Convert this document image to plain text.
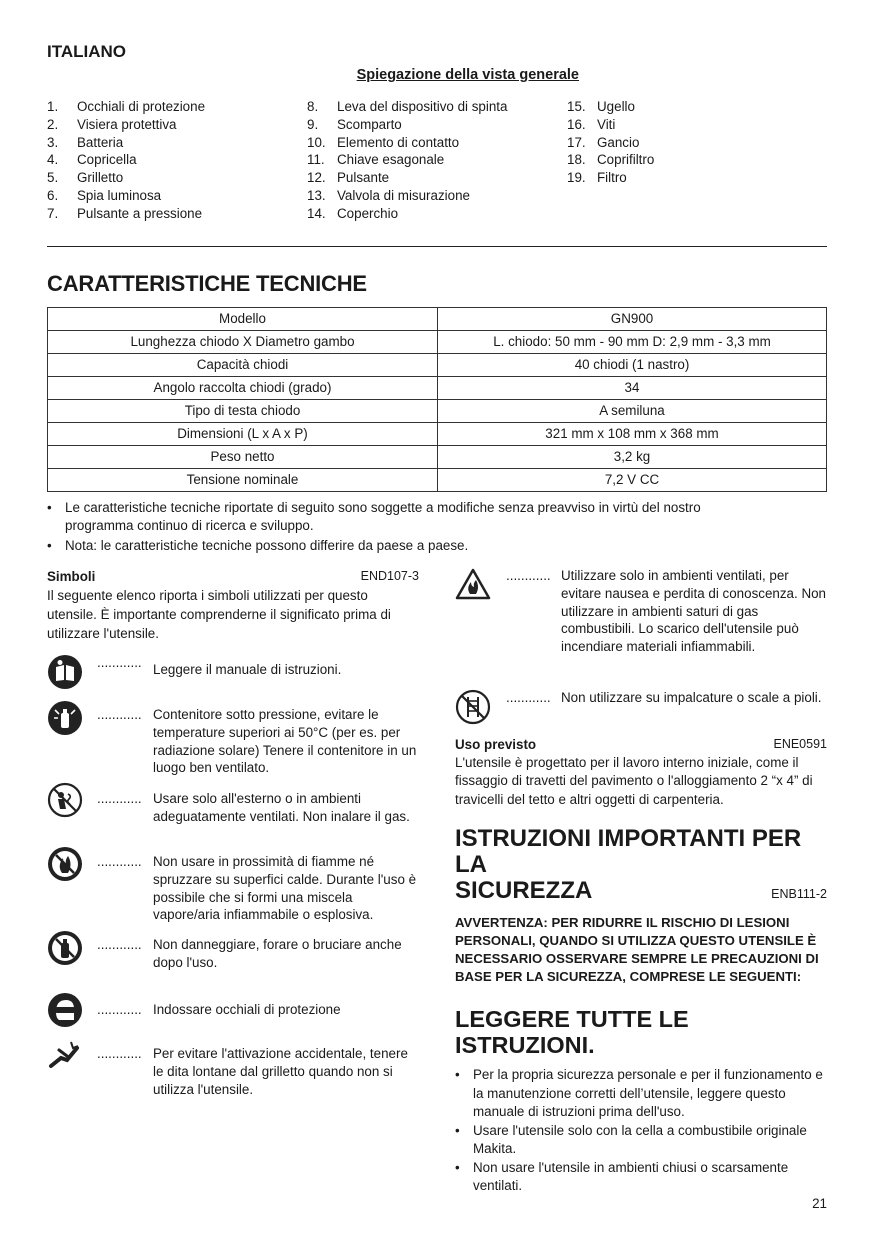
ITALIANO
Spiegazione della vista generale
1.	Occhiali di protezione
2.	Visiera protettiva
3.	Batteria
4.	Copricella
5.	Grilletto
6.	Spia luminosa
7.	Pulsante a pressione
8.	Leva del dispositivo di spinta
9.	Scomparto
10. Elemento di contatto
11. Chiave esagonale
12. Pulsante
13. Valvola di misurazione
14. Coperchio
15. Ugello
16. Viti
17. Gancio
18. Coprifiltro
19. Filtro
CARATTERISTICHE TECNICHE
Modello	GN900
Lunghezza chiodo X Diametro gambo	L. chiodo: 50 mm - 90 mm D: 2,9 mm - 3,3 mm
Capacità chiodi	40 chiodi (1 nastro)
Angolo raccolta chiodi (grado)	34
Tipo di testa chiodo	A semiluna
Dimensioni (L x A x P)	321 mm x 108 mm x 368 mm
Peso netto	3,2 kg
Tensione nominale	7,2 V CC
• Le caratteristiche tecniche riportate di seguito sono soggette a modifiche senza preavviso in virtù del nostro programma continuo di ricerca e sviluppo.
• Nota: le caratteristiche tecniche possono differire da paese a paese.
Simboli	END107-3
Il seguente elenco riporta i simboli utilizzati per questo utensile. È importante comprenderne il significato prima di utilizzare l'utensile.
............ Leggere il manuale di istruzioni.
............ Contenitore sotto pressione, evitare le temperature superiori ai 50°C (per es. per radiazione solare) Tenere il contenitore in un luogo ben ventilato.
............ Usare solo all'esterno o in ambienti adeguatamente ventilati. Non inalare il gas.
............ Non usare in prossimità di fiamme né spruzzare su superfici calde. Durante l'uso è possibile che si formi una miscela vapore/aria infiammabile o esplosiva.
............ Non danneggiare, forare o bruciare anche dopo l'uso.
............ Indossare occhiali di protezione
............ Per evitare l'attivazione accidentale, tenere le dita lontane dal grilletto quando non si utilizza l'utensile.
............ Utilizzare solo in ambienti ventilati, per evitare nausea e perdita di conoscenza. Non utilizzare in ambienti saturi di gas combustibili. Lo scarico dell'utensile può incendiare materiali infiammabili.
............ Non utilizzare su impalcature o scale a pioli.
Uso previsto	ENE0591
L'utensile è progettato per il lavoro interno iniziale, come il fissaggio di travetti del pavimento o l'alloggiamento 2 “x 4” di travicelli del tetto e altri oggetti di carpenteria.
ISTRUZIONI IMPORTANTI PER LA
SICUREZZA	ENB111-2
AVVERTENZA: PER RIDURRE IL RISCHIO DI LESIONI PERSONALI, QUANDO SI UTILIZZA QUESTO UTENSILE È NECESSARIO OSSERVARE SEMPRE LE PRECAUZIONI DI BASE PER LA SICUREZZA, COMPRESE LE SEGUENTI:
LEGGERE TUTTE LE ISTRUZIONI.
• Per la propria sicurezza personale e per il funzionamento e la manutenzione corretti dell’utensile, leggere questo manuale di istruzioni prima dell'uso.
• Usare l'utensile solo con la cella a combustibile originale Makita.
• Non usare l'utensile in ambienti chiusi o scarsamente ventilati.
21
